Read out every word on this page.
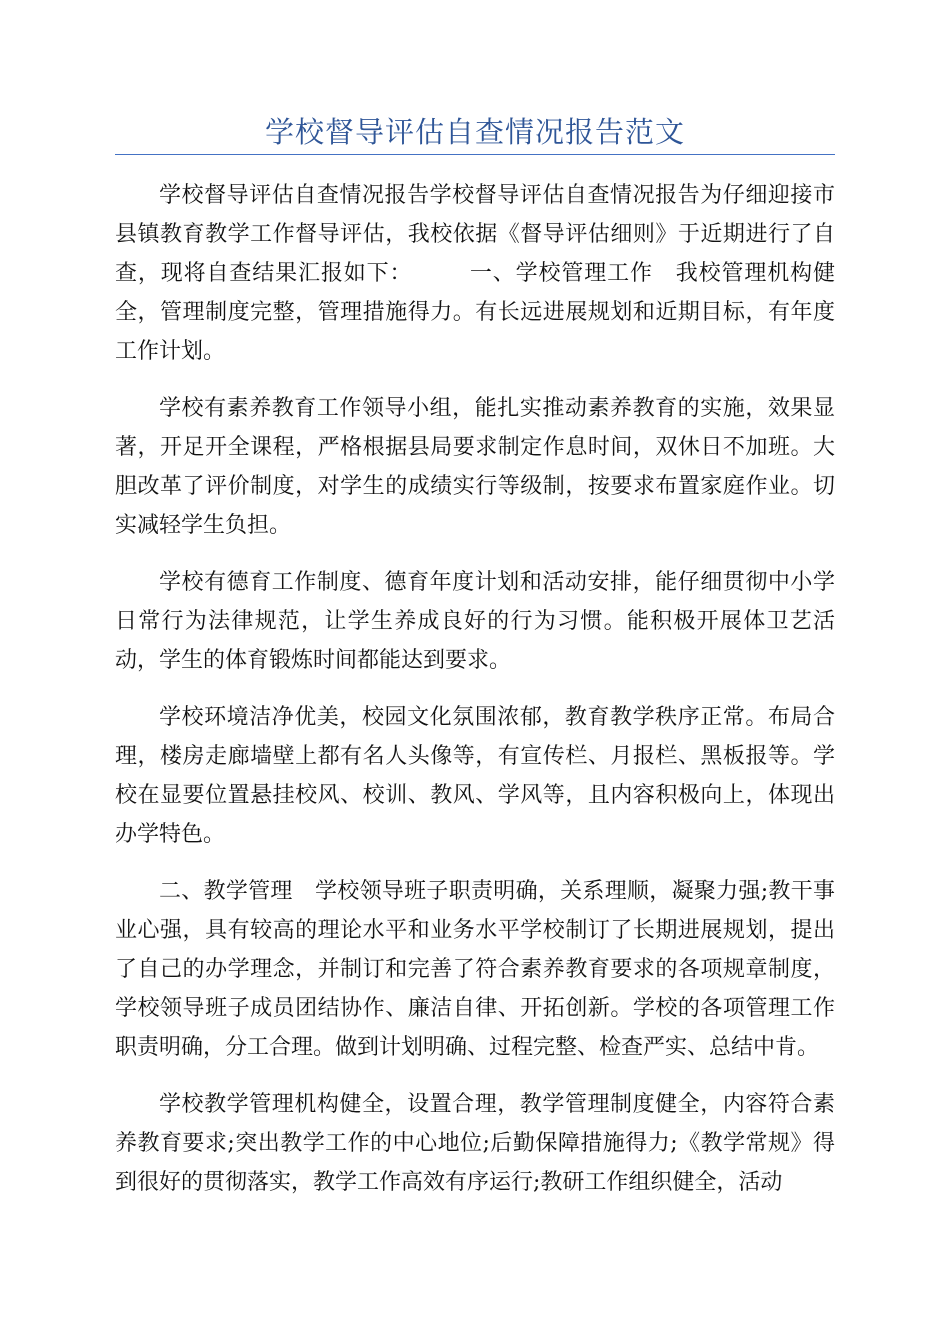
学校督导评估自查情况报告范文

学校督导评估自查情况报告学校督导评估自查情况报告为仔细迎接市县镇教育教学工作督导评估，我校依据《督导评估细则》于近期进行了自查，现将自查结果汇报如下：　　　一、学校管理工作　我校管理机构健全，管理制度完整，管理措施得力。有长远进展规划和近期目标，有年度工作计划。

学校有素养教育工作领导小组，能扎实推动素养教育的实施，效果显著，开足开全课程，严格根据县局要求制定作息时间，双休日不加班。大胆改革了评价制度，对学生的成绩实行等级制，按要求布置家庭作业。切实减轻学生负担。

学校有德育工作制度、德育年度计划和活动安排，能仔细贯彻中小学日常行为法律规范，让学生养成良好的行为习惯。能积极开展体卫艺活动，学生的体育锻炼时间都能达到要求。

学校环境洁净优美，校园文化氛围浓郁，教育教学秩序正常。布局合理，楼房走廊墙壁上都有名人头像等，有宣传栏、月报栏、黑板报等。学校在显要位置悬挂校风、校训、教风、学风等，且内容积极向上，体现出办学特色。

二、教学管理　学校领导班子职责明确，关系理顺，凝聚力强;教干事业心强，具有较高的理论水平和业务水平学校制订了长期进展规划，提出了自己的办学理念，并制订和完善了符合素养教育要求的各项规章制度，学校领导班子成员团结协作、廉洁自律、开拓创新。学校的各项管理工作职责明确，分工合理。做到计划明确、过程完整、检查严实、总结中肯。

学校教学管理机构健全，设置合理，教学管理制度健全，内容符合素养教育要求;突出教学工作的中心地位;后勤保障措施得力;《教学常规》得到很好的贯彻落实，教学工作高效有序运行;教研工作组织健全，活动
